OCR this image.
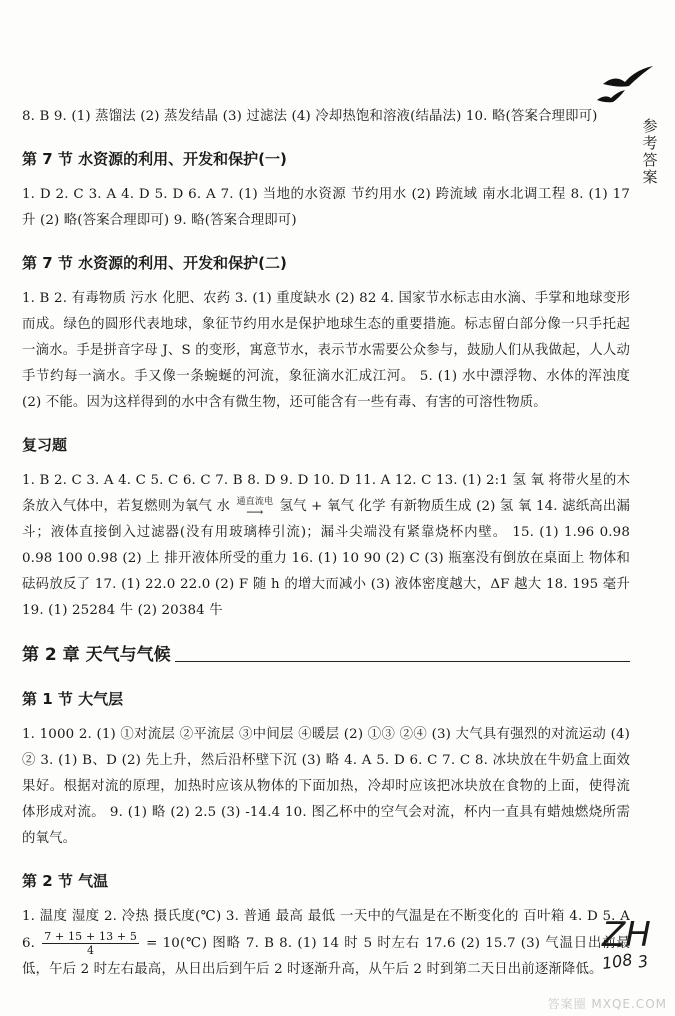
参考答案

8. B 9. (1) 蒸馏法 (2) 蒸发结晶 (3) 过滤法 (4) 冷却热饱和溶液(结晶法) 10. 略(答案合理即可)

第 7 节 水资源的利用、开发和保护(一)

1. D 2. C 3. A 4. D 5. D 6. A 7. (1) 当地的水资源 节约用水 (2) 跨流域 南水北调工程 8. (1) 17 升 (2) 略(答案合理即可) 9. 略(答案合理即可)

第 7 节 水资源的利用、开发和保护(二)

1. B 2. 有毒物质 污水 化肥、农药 3. (1) 重度缺水 (2) 82 4. 国家节水标志由水滴、手掌和地球变形而成。绿色的圆形代表地球，象征节约用水是保护地球生态的重要措施。标志留白部分像一只手托起一滴水。手是拼音字母 J、S 的变形，寓意节水，表示节水需要公众参与，鼓励人们从我做起，人人动手节约每一滴水。手又像一条蜿蜒的河流，象征滴水汇成江河。 5. (1) 水中漂浮物、水体的浑浊度 (2) 不能。因为这样得到的水中含有微生物，还可能含有一些有毒、有害的可溶性物质。

复习题

1. B 2. C 3. A 4. C 5. C 6. C 7. B 8. D 9. D 10. D 11. A 12. C 13. (1) 2:1 氢 氧 将带火星的木条放入气体中，若复燃则为氧气 水 通直流电
⟶	氢气 + 氧气 化学 有新物质生成 (2) 氢 氧 14. 滤纸高出漏斗；液体直接倒入过滤器(没有用玻璃棒引流)；漏斗尖端没有紧靠烧杯内壁。 15. (1) 1.96 0.98 0.98 100 0.98 (2) 上 排开液体所受的重力 16. (1) 10 90 (2) C (3) 瓶塞没有倒放在桌面上 物体和砝码放反了 17. (1) 22.0 22.0 (2) F 随 h 的增大而减小 (3) 液体密度越大，ΔF 越大 18. 195 毫升 19. (1) 25284 牛 (2) 20384 牛

第 2 章 天气与气候
第 1 节 大气层

1. 1000 2. (1) ①对流层 ②平流层 ③中间层 ④暖层 (2) ①③ ②④ (3) 大气具有强烈的对流运动 (4) ② 3. (1) B、D (2) 先上升，然后沿杯壁下沉 (3) 略 4. A 5. D 6. C 7. C 8. 冰块放在牛奶盒上面效果好。根据对流的原理，加热时应该从物体的下面加热，冷却时应该把冰块放在食物的上面，使得流体形成对流。 9. (1) 略 (2) 2.5 (3) -14.4 10. 图乙杯中的空气会对流，杯内一直具有蜡烛燃烧所需的氧气。

第 2 节 气温

1. 温度 湿度 2. 冷热 摄氏度(℃) 3. 普通 最高 最低 一天中的气温是在不断变化的 百叶箱 4. D 5. A 6. $\frac{7 + 15 + 13 + 5}{4}$ = 10(℃) 图略 7. B 8. (1) 14 时 5 时左右 17.6 (2) 15.7 (3) 气温日出前最低，午后 2 时左右最高，从日出后到午后 2 时逐渐升高，从午后 2 时到第二天日出前逐渐降低。

ZH
108 3
答案圈 MXQE.COM
